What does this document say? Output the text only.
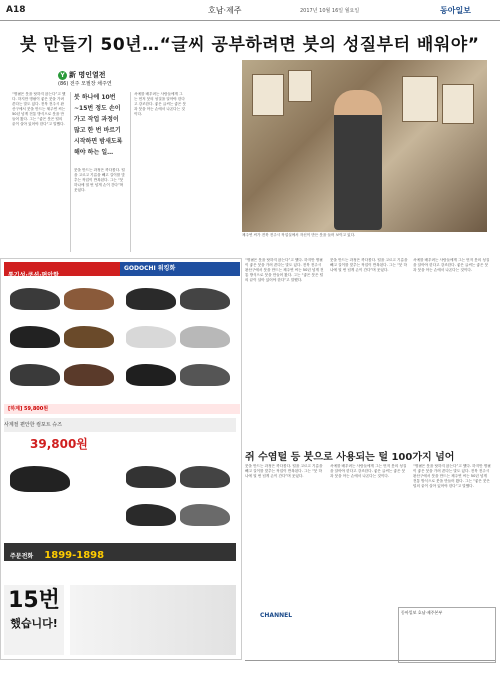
A18	호남·제주	2017년 10월 16일 월요일	동아일보
붓 만들기 50년…“글씨 공부하려면 붓의 성질부터 배워야”
Y 新 명인열전
(86) 전주 모필장 채주연
“명필은 붓을 탓하지 않는다”고 했다. 하지만 명필이 좋은 붓을 가려 쓴다는 말도 있다. 전북 전주시 완산구에서 붓을 만드는 채주연 씨는 50년 넘게 전통 방식으로 붓을 만들어 왔다. 그는 “좋은 붓은 털의 끝이 살아 있어야 한다”고 말했다.
붓 하나에 10번~15번 정도 손이 가고 작업 과정이 많고 한 번 바르기 시작하면 밤새도록 해야 하는 일…
붓을 만드는 과정은 까다롭다. 털을 고르고 기름을 빼고 길이를 맞추는 작업이 반복된다. 그는 “붓 하나에 열 번 넘게 손이 간다”며 웃었다.
서예를 배우려는 사람들에게 그는 먼저 붓의 성질을 알아야 한다고 강조한다. 좋은 글씨는 좋은 붓과 붓을 아는 손에서 나온다는 것이다.
채주연 씨가 전북 전주시 작업실에서 자신이 만든 붓을 들어 보이고 있다.
통기성·쿠션·편안함
GODOCHI 워킹화
[하계] 59,800원
사계절 편안한 컴포트 슈즈
39,800원
주문전화 1899-1898
15번
했습니다!
“명필은 붓을 탓하지 않는다”고 했다. 하지만 명필이 좋은 붓을 가려 쓴다는 말도 있다. 전북 전주시 완산구에서 붓을 만드는 채주연 씨는 50년 넘게 전통 방식으로 붓을 만들어 왔다. 그는 “좋은 붓은 털의 끝이 살아 있어야 한다”고 말했다.
붓을 만드는 과정은 까다롭다. 털을 고르고 기름을 빼고 길이를 맞추는 작업이 반복된다. 그는 “붓 하나에 열 번 넘게 손이 간다”며 웃었다.
서예를 배우려는 사람들에게 그는 먼저 붓의 성질을 알아야 한다고 강조한다. 좋은 글씨는 좋은 붓과 붓을 아는 손에서 나온다는 것이다.
쥐 수염털 등 붓으로 사용되는 털 100가지 넘어
붓을 만드는 과정은 까다롭다. 털을 고르고 기름을 빼고 길이를 맞추는 작업이 반복된다. 그는 “붓 하나에 열 번 넘게 손이 간다”며 웃었다.
서예를 배우려는 사람들에게 그는 먼저 붓의 성질을 알아야 한다고 강조한다. 좋은 글씨는 좋은 붓과 붓을 아는 손에서 나온다는 것이다.
“명필은 붓을 탓하지 않는다”고 했다. 하지만 명필이 좋은 붓을 가려 쓴다는 말도 있다. 전북 전주시 완산구에서 붓을 만드는 채주연 씨는 50년 넘게 전통 방식으로 붓을 만들어 왔다. 그는 “좋은 붓은 털의 끝이 살아 있어야 한다”고 말했다.
CHANNEL	동아일보 호남·제주본부
